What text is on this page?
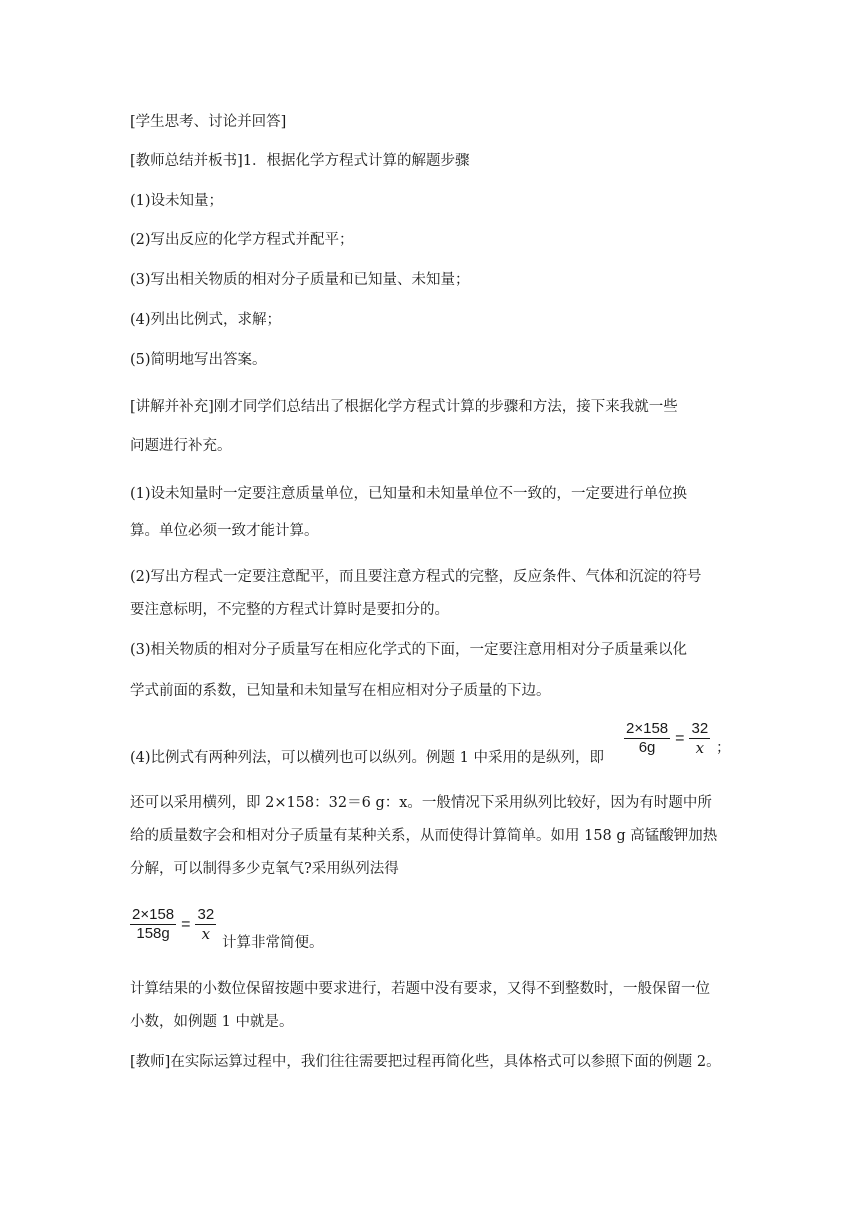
[学生思考、讨论并回答]
[教师总结并板书]1．根据化学方程式计算的解题步骤
(1)设未知量；
(2)写出反应的化学方程式并配平；
(3)写出相关物质的相对分子质量和已知量、未知量；
(4)列出比例式，求解；
(5)简明地写出答案。
[讲解并补充]刚才同学们总结出了根据化学方程式计算的步骤和方法，接下来我就一些
问题进行补充。
(1)设未知量时一定要注意质量单位，已知量和未知量单位不一致的，一定要进行单位换
算。单位必须一致才能计算。
(2)写出方程式一定要注意配平，而且要注意方程式的完整，反应条件、气体和沉淀的符号
要注意标明，不完整的方程式计算时是要扣分的。
(3)相关物质的相对分子质量写在相应化学式的下面，一定要注意用相对分子质量乘以化
学式前面的系数，已知量和未知量写在相应相对分子质量的下边。
(4)比例式有两种列法，可以横列也可以纵列。例题 1 中采用的是纵列，即
$\frac{2\times 158}{6g} = \frac{32}{x}$ ；
还可以采用横列，即 2×158：32＝6 g：x。一般情况下采用纵列比较好，因为有时题中所
给的质量数字会和相对分子质量有某种关系，从而使得计算简单。如用 158 g 高锰酸钾加热
分解，可以制得多少克氧气?采用纵列法得
$\frac{2\times 158}{158g} = \frac{32}{x}$ 计算非常简便。
计算结果的小数位保留按题中要求进行，若题中没有要求，又得不到整数时，一般保留一位
小数，如例题 1 中就是。
[教师]在实际运算过程中，我们往往需要把过程再简化些，具体格式可以参照下面的例题 2。
